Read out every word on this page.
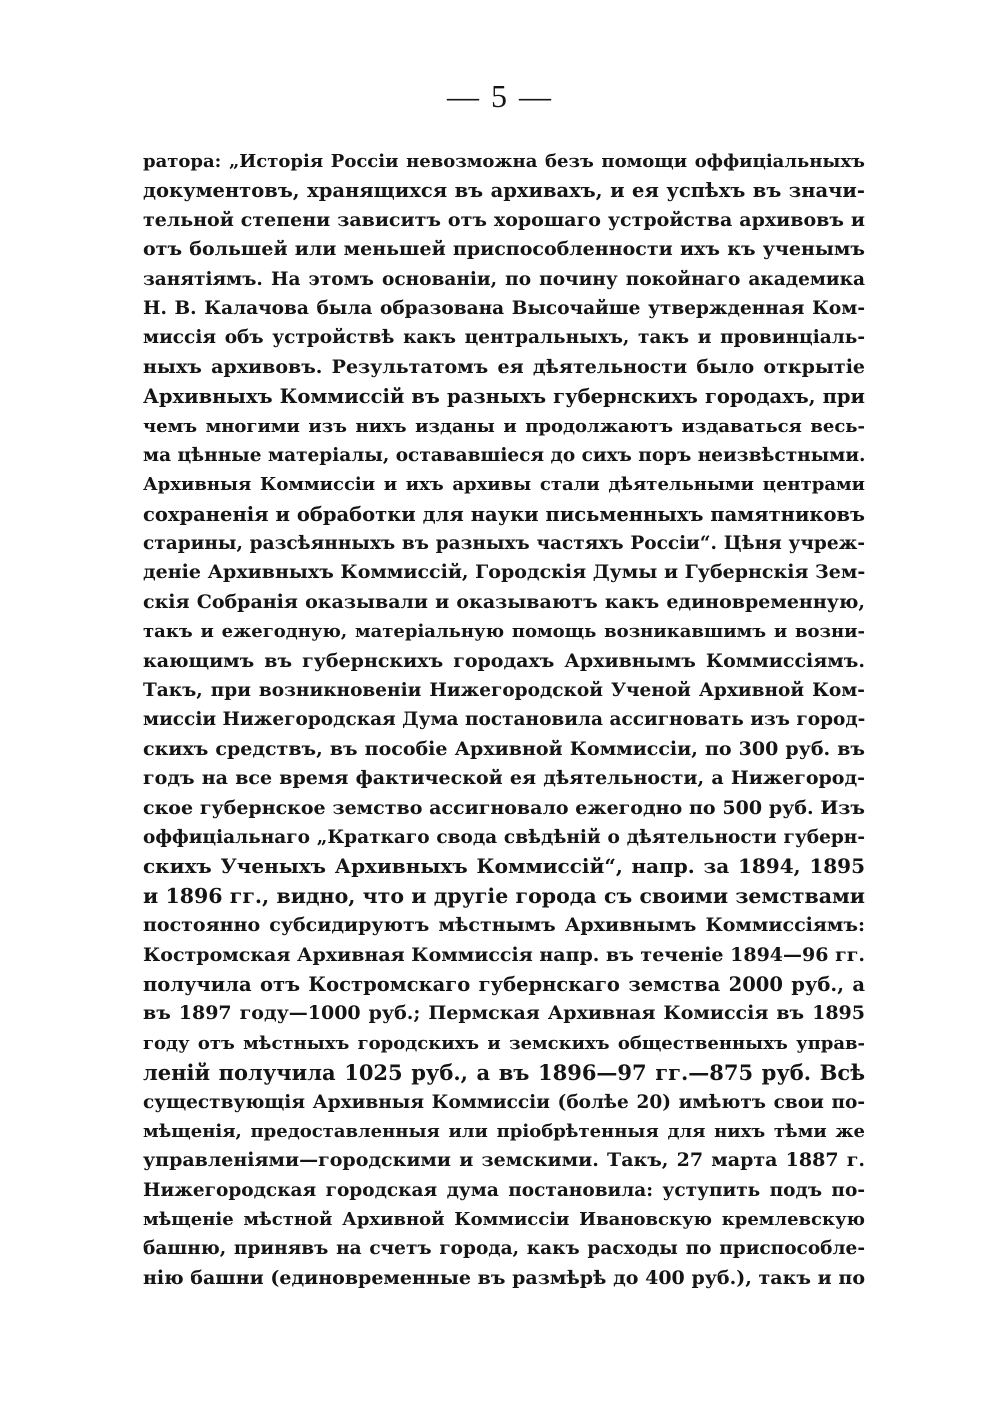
— 5 —
ратора: „Исторія Россіи невозможна безъ помощи оффиціальныхъ
документовъ, хранящихся въ архивахъ, и ея успѣхъ въ значи-
тельной степени зависитъ отъ хорошаго устройства архивовъ и
отъ большей или меньшей приспособленности ихъ къ ученымъ
занятіямъ. На этомъ основаніи, по почину покойнаго академика
Н. В. Калачова была образована Высочайше утвержденная Ком-
миссія объ устройствѣ какъ центральныхъ, такъ и провинціаль-
ныхъ архивовъ. Результатомъ ея дѣятельности было открытіе
Архивныхъ Коммиссій въ разныхъ губернскихъ городахъ, при
чемъ многими изъ нихъ изданы и продолжаютъ издаваться весь-
ма цѣнные матеріалы, остававшіеся до сихъ поръ неизвѣстными.
Архивныя Коммиссіи и ихъ архивы стали дѣятельными центрами
сохраненія и обработки для науки письменныхъ памятниковъ
старины, разсѣянныхъ въ разныхъ частяхъ Россіи“. Цѣня учреж-
деніе Архивныхъ Коммиссій, Городскія Думы и Губернскія Зем-
скія Собранія оказывали и оказываютъ какъ единовременную,
такъ и ежегодную, матеріальную помощь возникавшимъ и возни-
кающимъ въ губернскихъ городахъ Архивнымъ Коммиссіямъ.
Такъ, при возникновеніи Нижегородской Ученой Архивной Ком-
миссіи Нижегородская Дума постановила ассигновать изъ город-
скихъ средствъ, въ пособіе Архивной Коммиссіи, по 300 руб. въ
годъ на все время фактической ея дѣятельности, а Нижегород-
ское губернское земство ассигновало ежегодно по 500 руб. Изъ
оффиціальнаго „Краткаго свода свѣдѣній о дѣятельности губерн-
скихъ Ученыхъ Архивныхъ Коммиссій“, напр. за 1894, 1895
и 1896 гг., видно, что и другіе города съ своими земствами
постоянно субсидируютъ мѣстнымъ Архивнымъ Коммиссіямъ:
Костромская Архивная Коммиссія напр. въ теченіе 1894—96 гг.
получила отъ Костромскаго губернскаго земства 2000 руб., а
въ 1897 году—1000 руб.; Пермская Архивная Комиссія въ 1895
году отъ мѣстныхъ городскихъ и земскихъ общественныхъ управ-
леній получила 1025 руб., а въ 1896—97 гг.—875 руб. Всѣ
существующія Архивныя Коммиссіи (болѣе 20) имѣютъ свои по-
мѣщенія, предоставленныя или пріобрѣтенныя для нихъ тѣми же
управленіями—городскими и земскими. Такъ, 27 марта 1887 г.
Нижегородская городская дума постановила: уступить подъ по-
мѣщеніе мѣстной Архивной Коммиссіи Ивановскую кремлевскую
башню, принявъ на счетъ города, какъ расходы по приспособле-
нію башни (единовременные въ размѣрѣ до 400 руб.), такъ и по
